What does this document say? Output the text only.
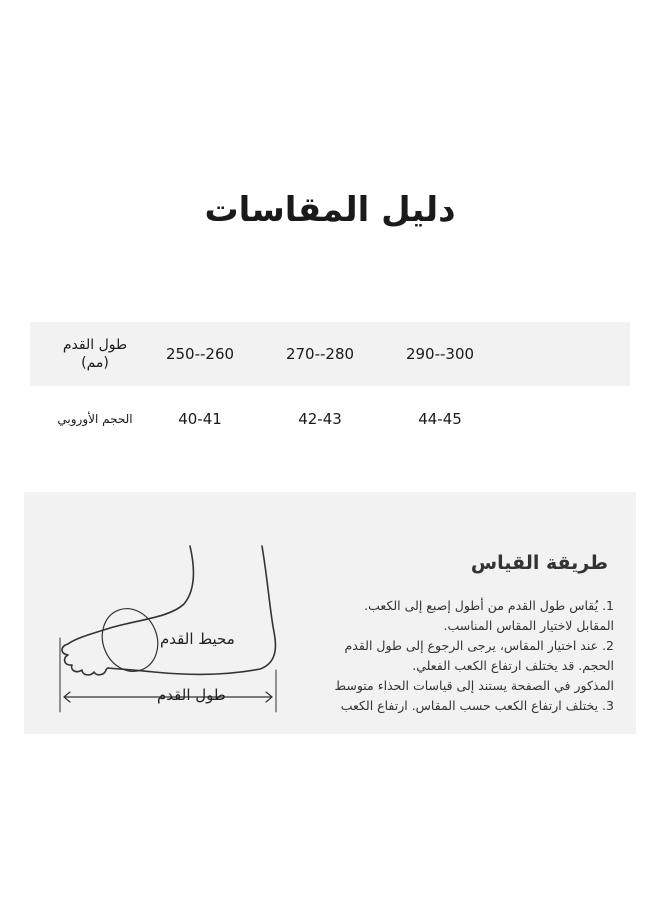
دليل المقاسات
طول القدم
(مم)	250--260	270--280	290--300
الحجم الأوروبي	40-41	42-43	44-45
محيط القدم
طول القدم
طريقة القياس
1. يُقاس طول القدم من أطول إصبع إلى الكعب.
المقابل لاختيار المقاس المناسب.
2. عند اختيار المقاس، يرجى الرجوع إلى طول القدم
الحجم. قد يختلف ارتفاع الكعب الفعلي.
المذكور في الصفحة يستند إلى قياسات الحذاء متوسط
3. يختلف ارتفاع الكعب حسب المقاس. ارتفاع الكعب
